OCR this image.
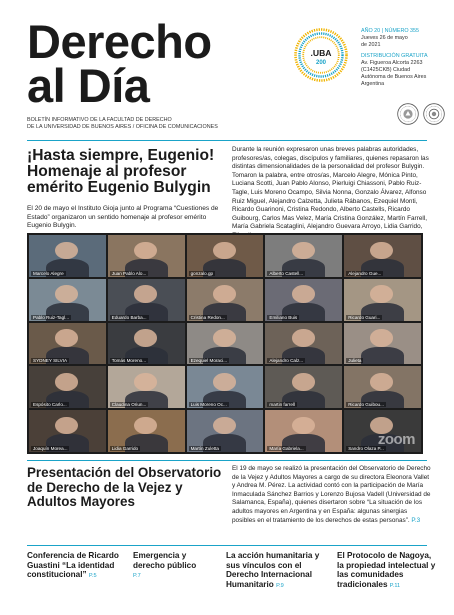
Derecho
al Día
BOLETÍN INFORMATIVO DE LA FACULTAD DE DERECHO
DE LA UNIVERSIDAD DE BUENOS AIRES / OFICINA DE COMUNICACIONES
.UBA
200
AÑO 20 | NÚMERO 355
Jueves 26 de mayo
de 2021
DISTRIBUCIÓN GRATUITA
Av. Figueroa Alcorta 2263
(C1425CKB) Ciudad
Autónoma de Buenos Aires
Argentina
¡Hasta siempre, Eugenio! Homenaje al profesor emérito Eugenio Bulygin
El 20 de mayo el Instituto Gioja junto al Programa “Cuestiones de Estado” organizaron un sentido homenaje al profesor emérito Eugenio Bulygin.
Durante la reunión expresaron unas breves palabras autoridades, profesores/as, colegas, discípulos y familiares, quienes repasaron las distintas dimensionalidades de la personalidad del profesor Bulygin. Tomaron la palabra, entre otros/as, Marcelo Alegre, Mónica Pinto, Luciana Scotti, Juan Pablo Alonso, Pierluigi Chiassoni, Pablo Ruiz-Tagle, Luis Moreno Ocampo, Silvia Nonna, Gonzalo Álvarez, Alfonso Ruiz Miguel, Alejandro Calzetta, Julieta Rábanos, Ezequiel Monti, Ricardo Guarinoni, Cristina Redondo, Alberto Castells, Ricardo Guibourg, Carlos Mas Velez, María Cristina González, Martín Farrell, María Gabriela Scataglini, Alejandro Guevara Arroyo, Lidia Garrido,
Marcelo Alegre	Juan Pablo Alo...	gonzalo.gp	Alberto Castell...	Alejandro Gue...
Pablo Ruiz-Tagl...	Eduardo Barba...	Cristina Redon...	Emiliano Buis	Ricardo Guari...
SYDNEY SILVIA	Tomás Moreno...	Ezequiel Moraci...	Alejandro Calz...	Julieta
Espósito Carlo...	Claudina Oriun...	Luis Moreno Oc...	martin farrell	Ricardo Guibou...
Joaquín Morea...	Lidia Garrido	Martín Zuletta	María Gabriela...	Sandro Olaza P...
zoom
Presentación del Observatorio de Derecho de la Vejez y Adultos Mayores
El 19 de mayo se realizó la presentación del Observatorio de Derecho de la Vejez y Adultos Mayores a cargo de su directora Eleonora Vallet y Andrea M. Pérez. La actividad contó con la participación de María Inmaculada Sánchez Barrios y Lorenzo Bujosa Vadell (Universidad de Salamanca, España), quienes disertaron sobre “La situación de los adultos mayores en Argentina y en España: algunas sinergias posibles en el tratamiento de los derechos de estas personas”. P.3
Conferencia de Ricardo Guastini “La identidad constitucional” P.5
Emergencia y derecho público
P.7
La acción humanitaria y sus vínculos con el Derecho Internacional Humanitario P.9
El Protocolo de Nagoya, la propiedad intelectual y las comunidades tradicionales P.11
